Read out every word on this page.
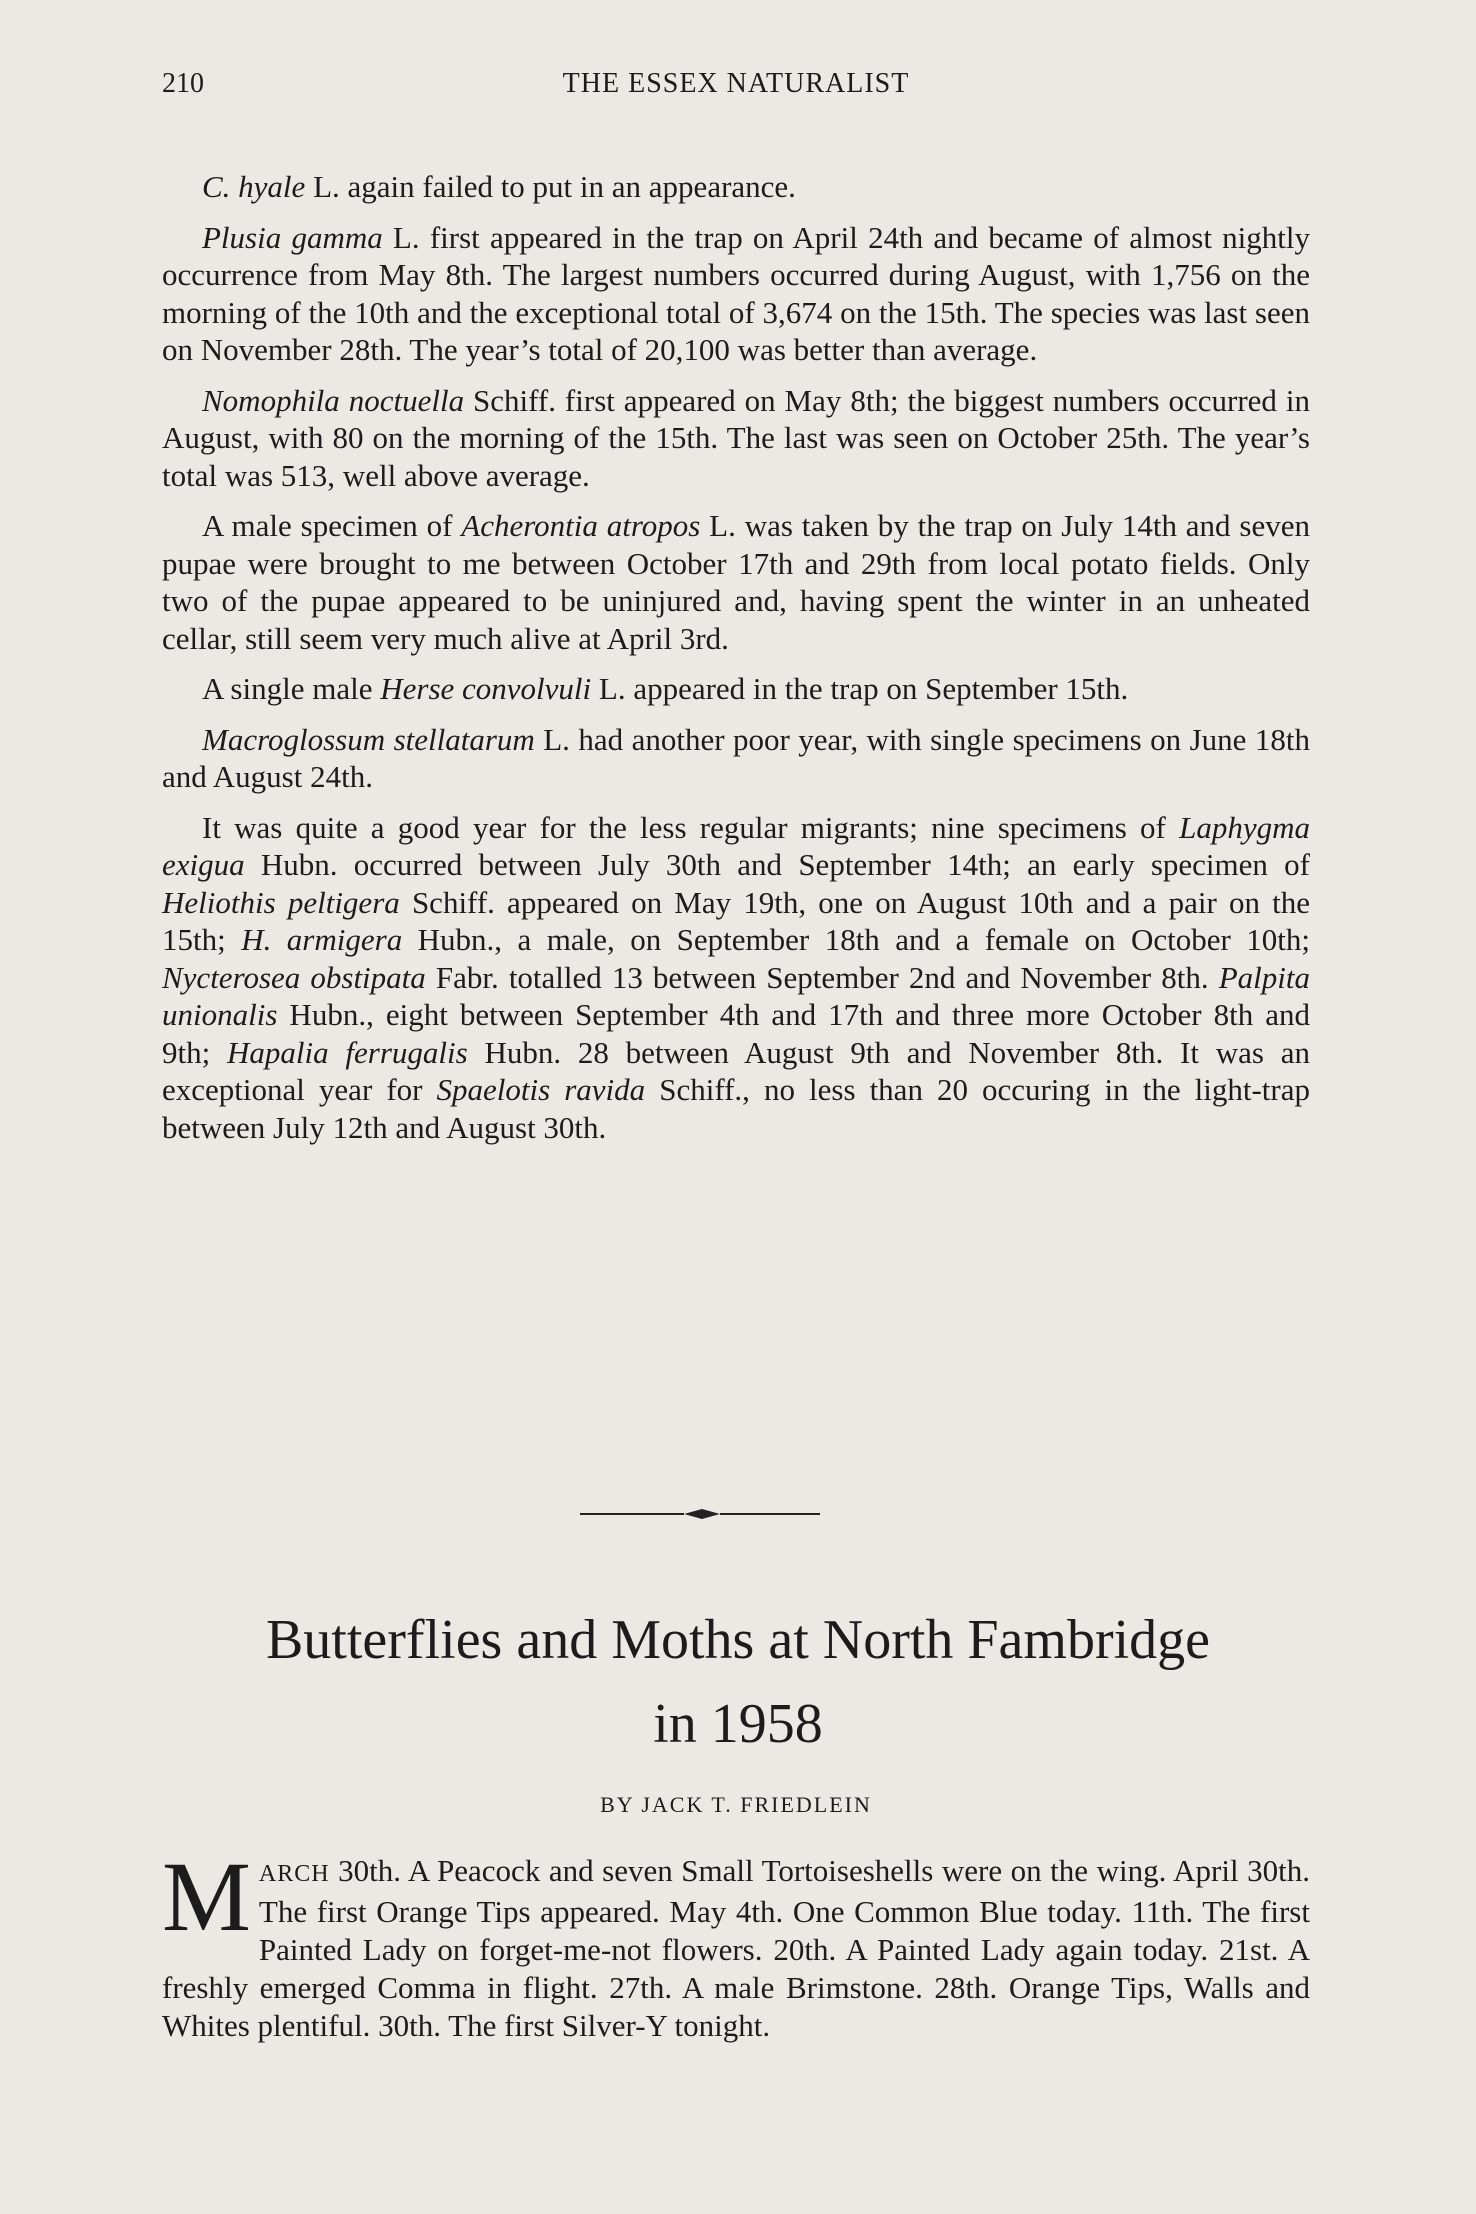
210	THE ESSEX NATURALIST

C. hyale L. again failed to put in an appearance.

Plusia gamma L. first appeared in the trap on April 24th and became of almost nightly occurrence from May 8th. The largest numbers occurred during August, with 1,756 on the morning of the 10th and the exceptional total of 3,674 on the 15th. The species was last seen on November 28th. The year’s total of 20,100 was better than average.

Nomophila noctuella Schiff. first appeared on May 8th; the biggest numbers occurred in August, with 80 on the morning of the 15th. The last was seen on October 25th. The year’s total was 513, well above average.

A male specimen of Acherontia atropos L. was taken by the trap on July 14th and seven pupae were brought to me between October 17th and 29th from local potato fields. Only two of the pupae appeared to be uninjured and, having spent the winter in an unheated cellar, still seem very much alive at April 3rd.

A single male Herse convolvuli L. appeared in the trap on September 15th.

Macroglossum stellatarum L. had another poor year, with single specimens on June 18th and August 24th.

It was quite a good year for the less regular migrants; nine specimens of Laphygma exigua Hubn. occurred between July 30th and September 14th; an early specimen of Heliothis peltigera Schiff. appeared on May 19th, one on August 10th and a pair on the 15th; H. armigera Hubn., a male, on September 18th and a female on October 10th; Nycterosea obstipata Fabr. totalled 13 between September 2nd and November 8th. Palpita unionalis Hubn., eight between September 4th and 17th and three more October 8th and 9th; Hapalia ferrugalis Hubn. 28 between August 9th and November 8th. It was an exceptional year for Spaelotis ravida Schiff., no less than 20 occuring in the light-trap between July 12th and August 30th.

Butterflies and Moths at North Fambridge
in 1958
BY JACK T. FRIEDLEIN
MARCH 30th. A Peacock and seven Small Tortoiseshells were on the wing. April 30th. The first Orange Tips appeared. May 4th. One Common Blue today. 11th. The first Painted Lady on forget-me-not flowers. 20th. A Painted Lady again today. 21st. A freshly emerged Comma in flight. 27th. A male Brimstone. 28th. Orange Tips, Walls and Whites plentiful. 30th. The first Silver-Y tonight.
